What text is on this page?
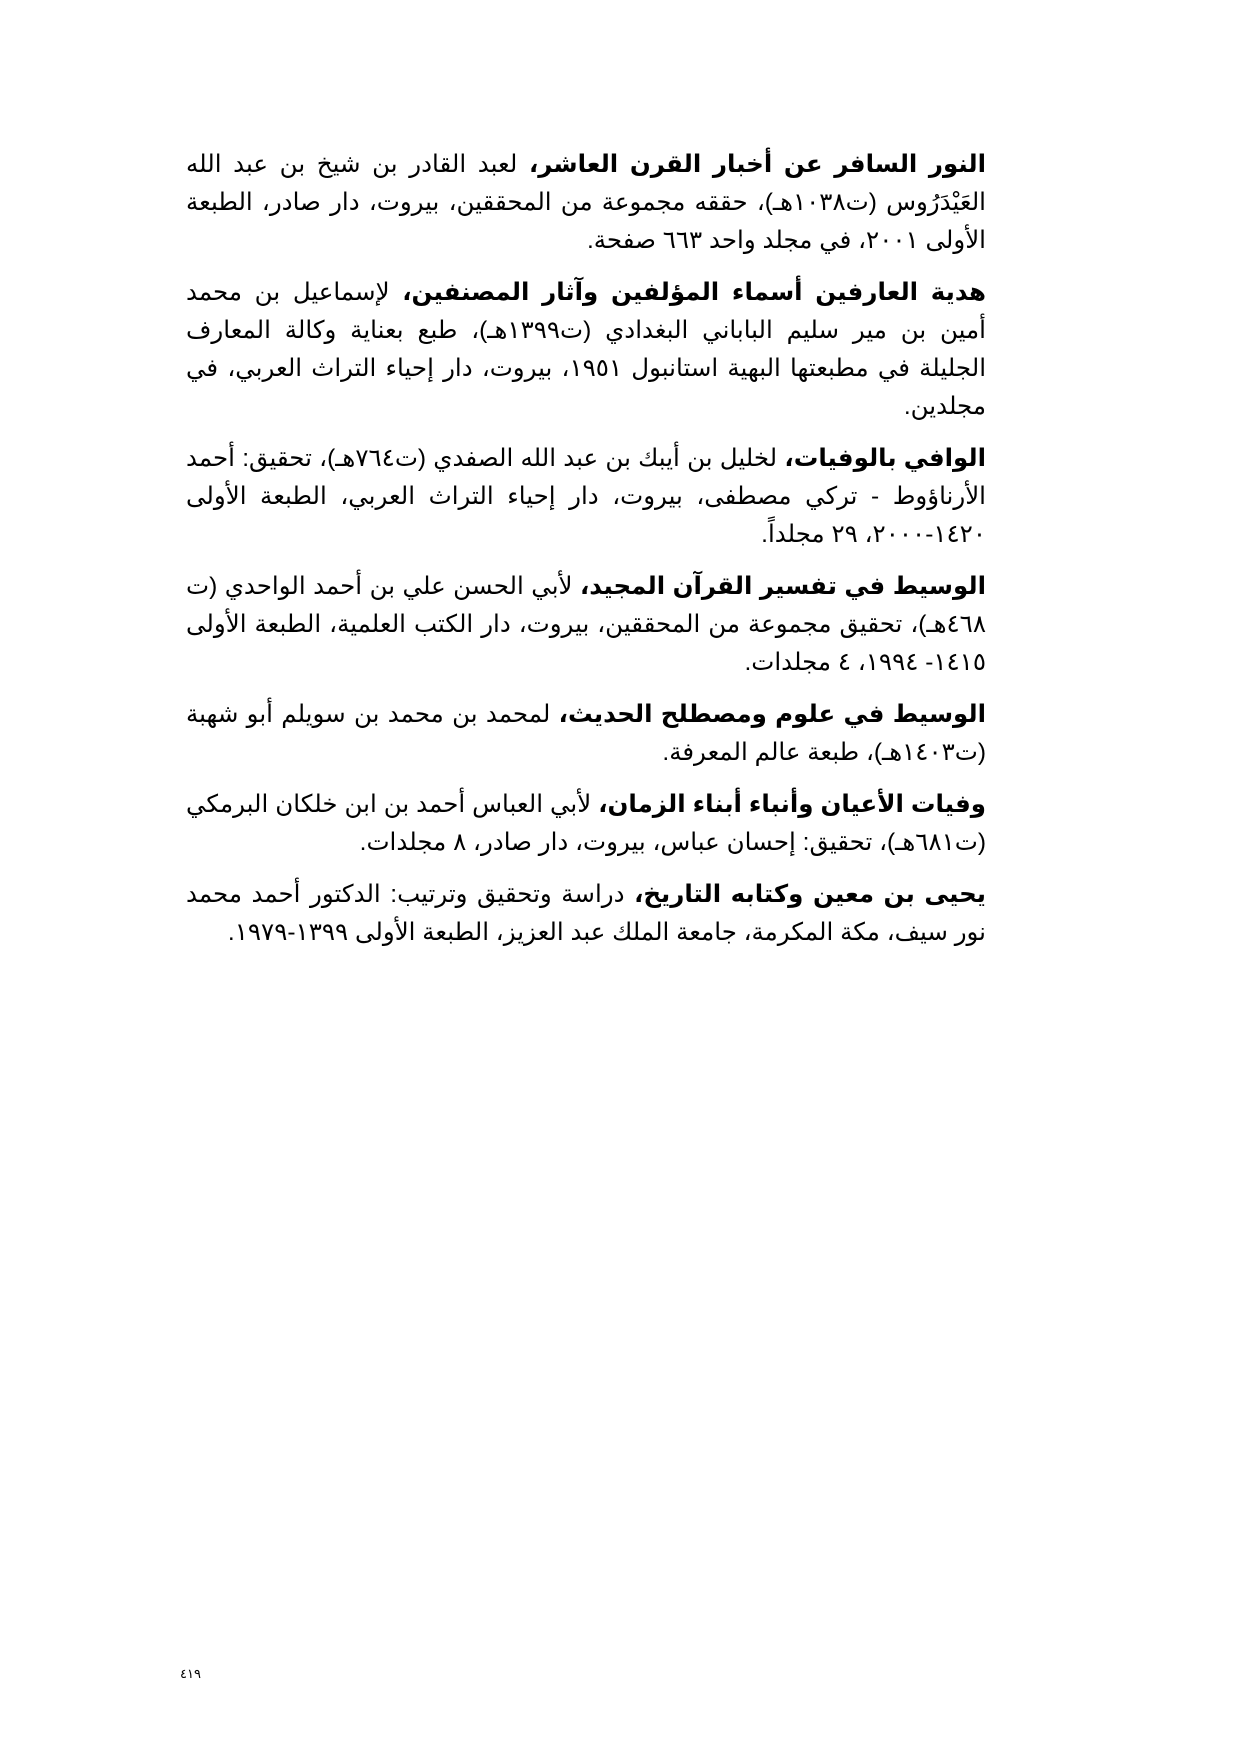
النور السافر عن أخبار القرن العاشر، لعبد القادر بن شيخ بن عبد الله العَيْدَرُوس (ت١٠٣٨هـ)، حققه مجموعة من المحققين، بيروت، دار صادر، الطبعة الأولى ٢٠٠١، في مجلد واحد ٦٦٣ صفحة.

هدية العارفين أسماء المؤلفين وآثار المصنفين، لإسماعيل بن محمد أمين بن مير سليم الباباني البغدادي (ت١٣٩٩هـ)، طبع بعناية وكالة المعارف الجليلة في مطبعتها البهية استانبول ١٩٥١، بيروت، دار إحياء التراث العربي، في مجلدين.

الوافي بالوفيات، لخليل بن أيبك بن عبد الله الصفدي (ت٧٦٤هـ)، تحقيق: أحمد الأرناؤوط - تركي مصطفى، بيروت، دار إحياء التراث العربي، الطبعة الأولى ١٤٢٠-٢٠٠٠، ٢٩ مجلداً.

الوسيط في تفسير القرآن المجيد، لأبي الحسن علي بن أحمد الواحدي (ت ٤٦٨هـ)، تحقيق مجموعة من المحققين، بيروت، دار الكتب العلمية، الطبعة الأولى ١٤١٥- ١٩٩٤، ٤ مجلدات.

الوسيط في علوم ومصطلح الحديث، لمحمد بن محمد بن سويلم أبو شهبة (ت١٤٠٣هـ)، طبعة عالم المعرفة.

وفيات الأعيان وأنباء أبناء الزمان، لأبي العباس أحمد بن ابن خلكان البرمكي (ت٦٨١هـ)، تحقيق: إحسان عباس، بيروت، دار صادر، ٨ مجلدات.

يحيى بن معين وكتابه التاريخ، دراسة وتحقيق وترتيب: الدكتور أحمد محمد نور سيف، مكة المكرمة، جامعة الملك عبد العزيز، الطبعة الأولى ١٣٩٩-١٩٧٩.

٤١٩
